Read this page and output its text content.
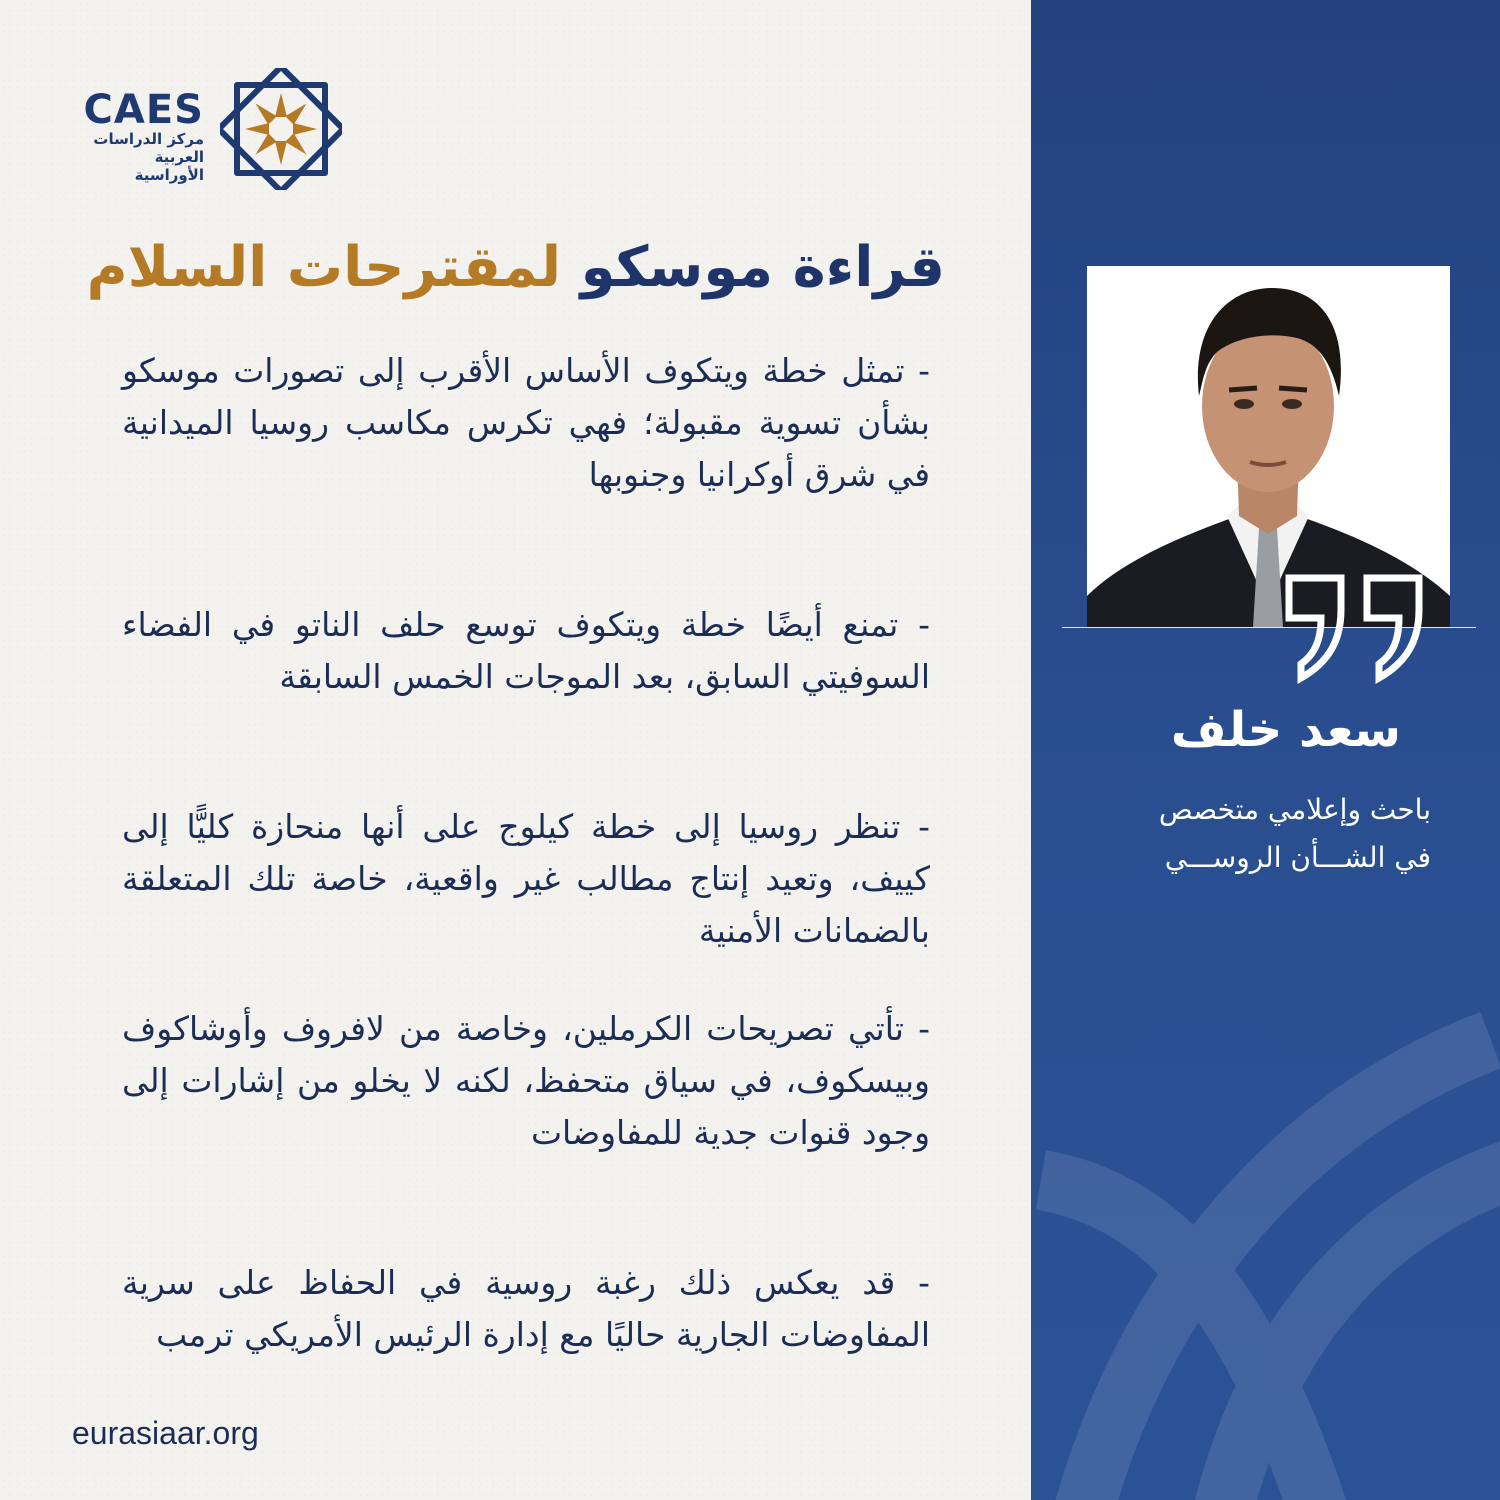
CAES
مركز الدراسات
العربية الأوراسية
قراءة موسكو لمقترحات السلام
- تمثل خطة ويتكوف الأساس الأقرب إلى تصورات موسكو بشأن تسوية مقبولة؛ فهي تكرس مكاسب روسيا الميدانية في شرق أوكرانيا وجنوبها
- تمنع أيضًا خطة ويتكوف توسع حلف الناتو في الفضاء السوفيتي السابق، بعد الموجات الخمس السابقة
- تنظر روسيا إلى خطة كيلوج على أنها منحازة كليًّا إلى كييف، وتعيد إنتاج مطالب غير واقعية، خاصة تلك المتعلقة بالضمانات الأمنية
- تأتي تصريحات الكرملين، وخاصة من لافروف وأوشاكوف وبيسكوف، في سياق متحفظ، لكنه لا يخلو من إشارات إلى وجود قنوات جدية للمفاوضات
- قد يعكس ذلك رغبة روسية في الحفاظ على سرية المفاوضات الجارية حاليًا مع إدارة الرئيس الأمريكي ترمب
eurasiaar.org
سعد خلف
باحث وإعلامي متخصص
في الشـــأن الروســـي
